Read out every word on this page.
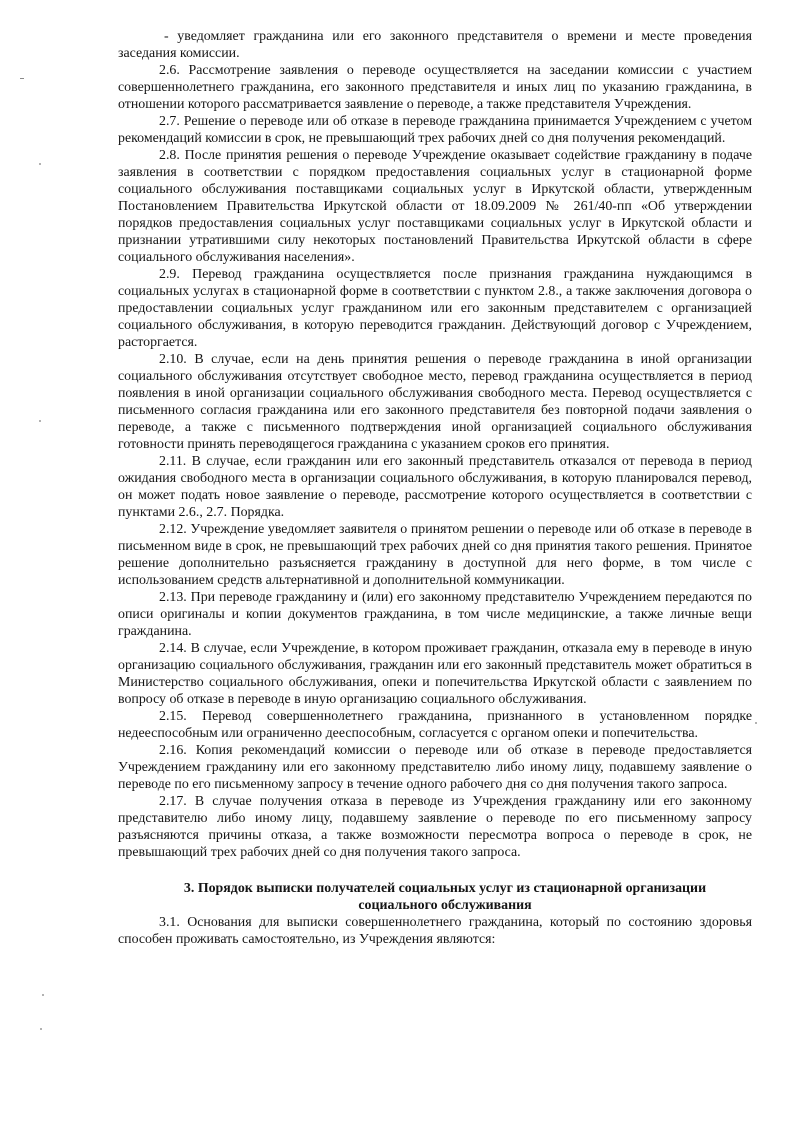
- уведомляет гражданина или его законного представителя о времени и месте проведения заседания комиссии.

2.6. Рассмотрение заявления о переводе осуществляется на заседании комиссии с участием совершеннолетнего гражданина, его законного представителя и иных лиц по указанию гражданина, в отношении которого рассматривается заявление о переводе, а также представителя Учреждения.

2.7. Решение о переводе или об отказе в переводе гражданина принимается Учреждением с учетом рекомендаций комиссии в срок, не превышающий трех рабочих дней со дня получения рекомендаций.

2.8. После принятия решения о переводе Учреждение оказывает содействие гражданину в подаче заявления в соответствии с порядком предоставления социальных услуг в стационарной форме социального обслуживания поставщиками социальных услуг в Иркутской области, утвержденным Постановлением Правительства Иркутской области от 18.09.2009 № 261/40-пп «Об утверждении порядков предоставления социальных услуг поставщиками социальных услуг в Иркутской области и признании утратившими силу некоторых постановлений Правительства Иркутской области в сфере социального обслуживания населения».

2.9. Перевод гражданина осуществляется после признания гражданина нуждающимся в социальных услугах в стационарной форме в соответствии с пунктом 2.8., а также заключения договора о предоставлении социальных услуг гражданином или его законным представителем с организацией социального обслуживания, в которую переводится гражданин. Действующий договор с Учреждением, расторгается.

2.10. В случае, если на день принятия решения о переводе гражданина в иной организации социального обслуживания отсутствует свободное место, перевод гражданина осуществляется в период появления в иной организации социального обслуживания свободного места. Перевод осуществляется с письменного согласия гражданина или его законного представителя без повторной подачи заявления о переводе, а также с письменного подтверждения иной организацией социального обслуживания готовности принять переводящегося гражданина с указанием сроков его принятия.

2.11. В случае, если гражданин или его законный представитель отказался от перевода в период ожидания свободного места в организации социального обслуживания, в которую планировался перевод, он может подать новое заявление о переводе, рассмотрение которого осуществляется в соответствии с пунктами 2.6., 2.7. Порядка.

2.12. Учреждение уведомляет заявителя о принятом решении о переводе или об отказе в переводе в письменном виде в срок, не превышающий трех рабочих дней со дня принятия такого решения. Принятое решение дополнительно разъясняется гражданину в доступной для него форме, в том числе с использованием средств альтернативной и дополнительной коммуникации.

2.13. При переводе гражданину и (или) его законному представителю Учреждением передаются по описи оригиналы и копии документов гражданина, в том числе медицинские, а также личные вещи гражданина.

2.14. В случае, если Учреждение, в котором проживает гражданин, отказала ему в переводе в иную организацию социального обслуживания, гражданин или его законный представитель может обратиться в Министерство социального обслуживания, опеки и попечительства Иркутской области с заявлением по вопросу об отказе в переводе в иную организацию социального обслуживания.

2.15. Перевод совершеннолетнего гражданина, признанного в установленном порядке недееспособным или ограниченно дееспособным, согласуется с органом опеки и попечительства.

2.16. Копия рекомендаций комиссии о переводе или об отказе в переводе предоставляется Учреждением гражданину или его законному представителю либо иному лицу, подавшему заявление о переводе по его письменному запросу в течение одного рабочего дня со дня получения такого запроса.

2.17. В случае получения отказа в переводе из Учреждения гражданину или его законному представителю либо иному лицу, подавшему заявление о переводе по его письменному запросу разъясняются причины отказа, а также возможности пересмотра вопроса о переводе в срок, не превышающий трех рабочих дней со дня получения такого запроса.

3. Порядок выписки получателей социальных услуг из стационарной организации социального обслуживания

3.1. Основания для выписки совершеннолетнего гражданина, который по состоянию здоровья способен проживать самостоятельно, из Учреждения являются:
